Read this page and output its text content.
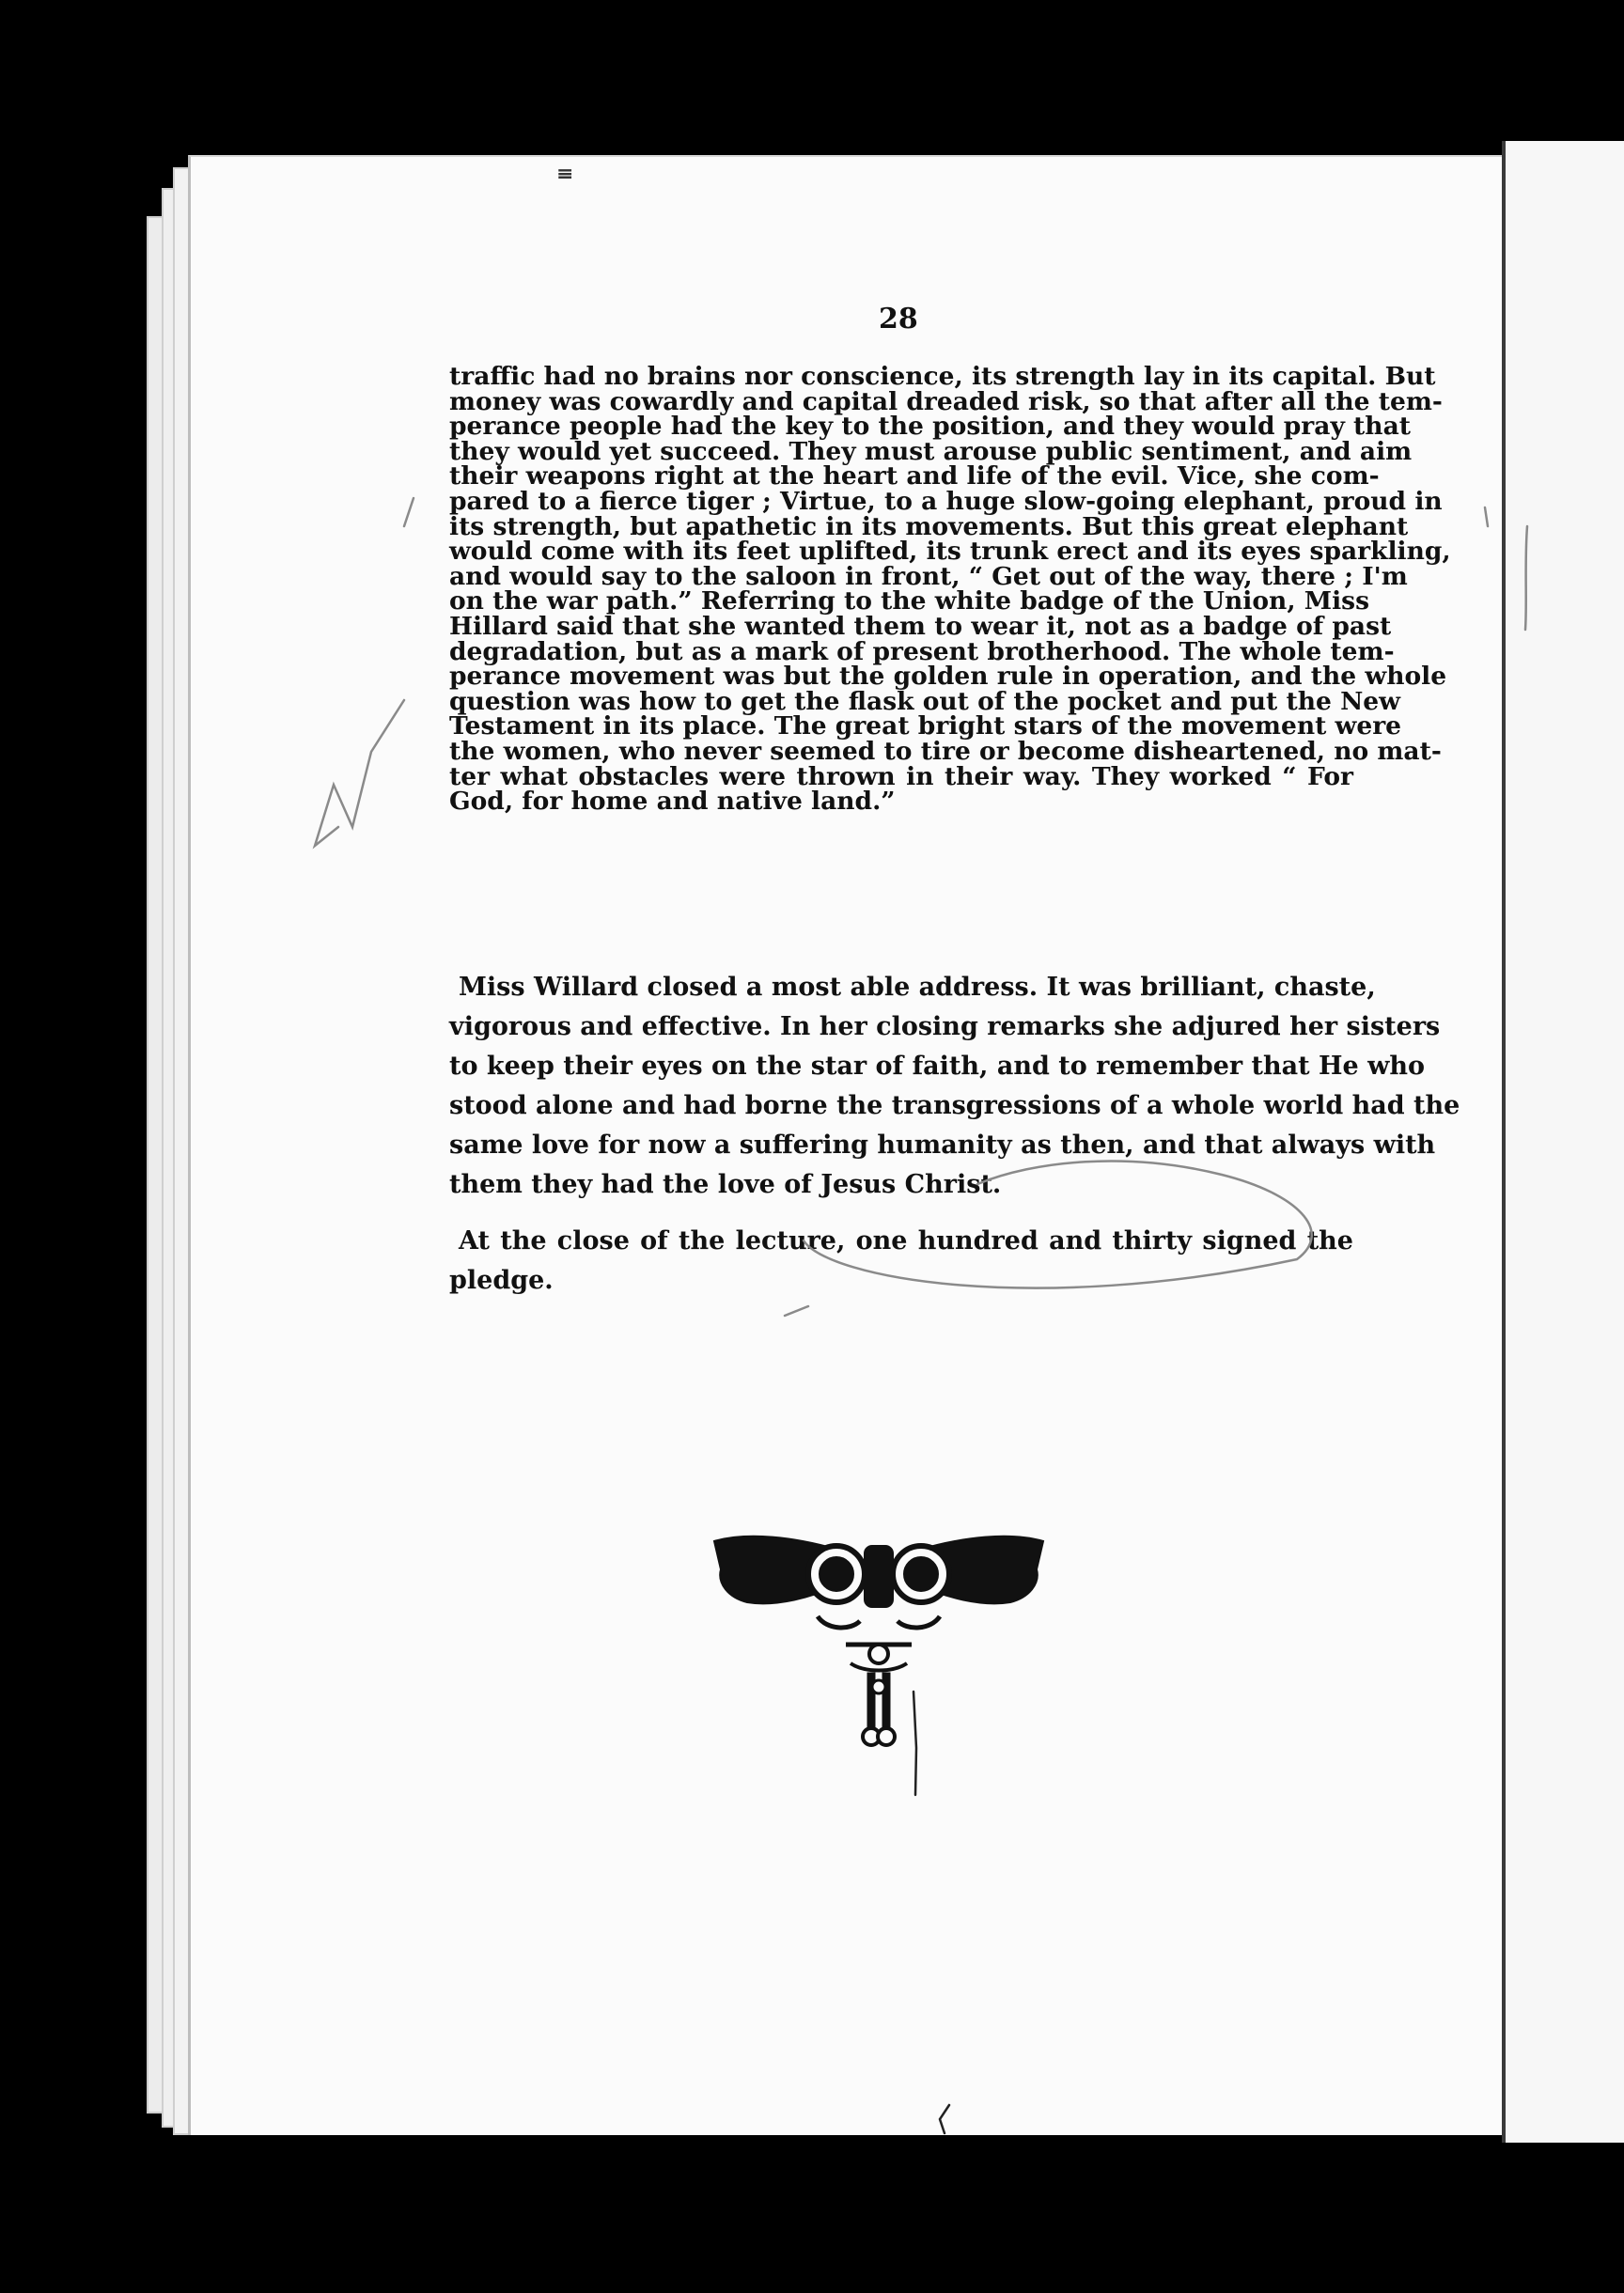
≡
28
traffic had no brains nor conscience, its strength lay in its capital. But
money was cowardly and capital dreaded risk, so that after all the tem-
perance people had the key to the position, and they would pray that
they would yet succeed. They must arouse public sentiment, and aim
their weapons right at the heart and life of the evil. Vice, she com-
pared to a fierce tiger ; Virtue, to a huge slow-going elephant, proud in
its strength, but apathetic in its movements. But this great elephant
would come with its feet uplifted, its trunk erect and its eyes sparkling,
and would say to the saloon in front, “ Get out of the way, there ; I'm
on the war path.” Referring to the white badge of the Union, Miss
Hillard said that she wanted them to wear it, not as a badge of past
degradation, but as a mark of present brotherhood. The whole tem-
perance movement was but the golden rule in operation, and the whole
question was how to get the flask out of the pocket and put the New
Testament in its place. The great bright stars of the movement were
the women, who never seemed to tire or become disheartened, no mat-
ter what obstacles were thrown in their way. They worked “ For
God, for home and native land.”
Miss Willard closed a most able address. It was brilliant, chaste,
vigorous and effective. In her closing remarks she adjured her sisters
to keep their eyes on the star of faith, and to remember that He who
stood alone and had borne the transgressions of a whole world had the
same love for now a suffering humanity as then, and that always with
them they had the love of Jesus Christ.
At the close of the lecture, one hundred and thirty signed the
pledge.
